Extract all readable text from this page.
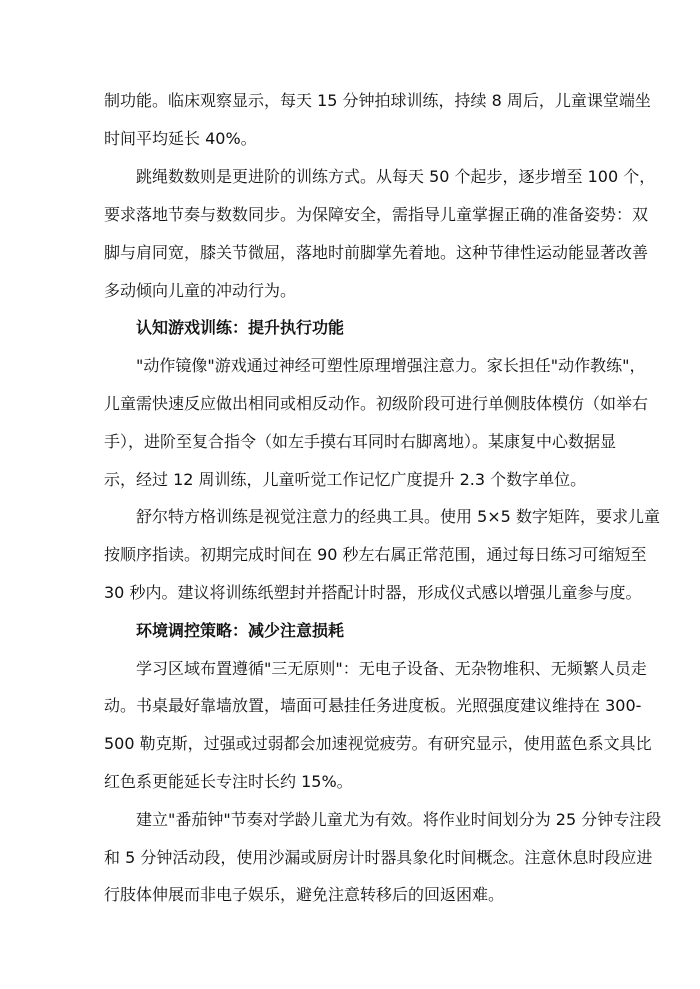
制功能。临床观察显示，每天 15 分钟拍球训练，持续 8 周后，儿童课堂端坐
时间平均延长 40%。
跳绳数数则是更进阶的训练方式。从每天 50 个起步，逐步增至 100 个，
要求落地节奏与数数同步。为保障安全，需指导儿童掌握正确的准备姿势：双
脚与肩同宽，膝关节微屈，落地时前脚掌先着地。这种节律性运动能显著改善
多动倾向儿童的冲动行为。
认知游戏训练：提升执行功能
"动作镜像"游戏通过神经可塑性原理增强注意力。家长担任"动作教练"，
儿童需快速反应做出相同或相反动作。初级阶段可进行单侧肢体模仿（如举右
手），进阶至复合指令（如左手摸右耳同时右脚离地）。某康复中心数据显
示，经过 12 周训练，儿童听觉工作记忆广度提升 2.3 个数字单位。
舒尔特方格训练是视觉注意力的经典工具。使用 5×5 数字矩阵，要求儿童
按顺序指读。初期完成时间在 90 秒左右属正常范围，通过每日练习可缩短至
30 秒内。建议将训练纸塑封并搭配计时器，形成仪式感以增强儿童参与度。
环境调控策略：减少注意损耗
学习区域布置遵循"三无原则"：无电子设备、无杂物堆积、无频繁人员走
动。书桌最好靠墙放置，墙面可悬挂任务进度板。光照强度建议维持在 300-
500 勒克斯，过强或过弱都会加速视觉疲劳。有研究显示，使用蓝色系文具比
红色系更能延长专注时长约 15%。
建立"番茄钟"节奏对学龄儿童尤为有效。将作业时间划分为 25 分钟专注段
和 5 分钟活动段，使用沙漏或厨房计时器具象化时间概念。注意休息时段应进
行肢体伸展而非电子娱乐，避免注意转移后的回返困难。
